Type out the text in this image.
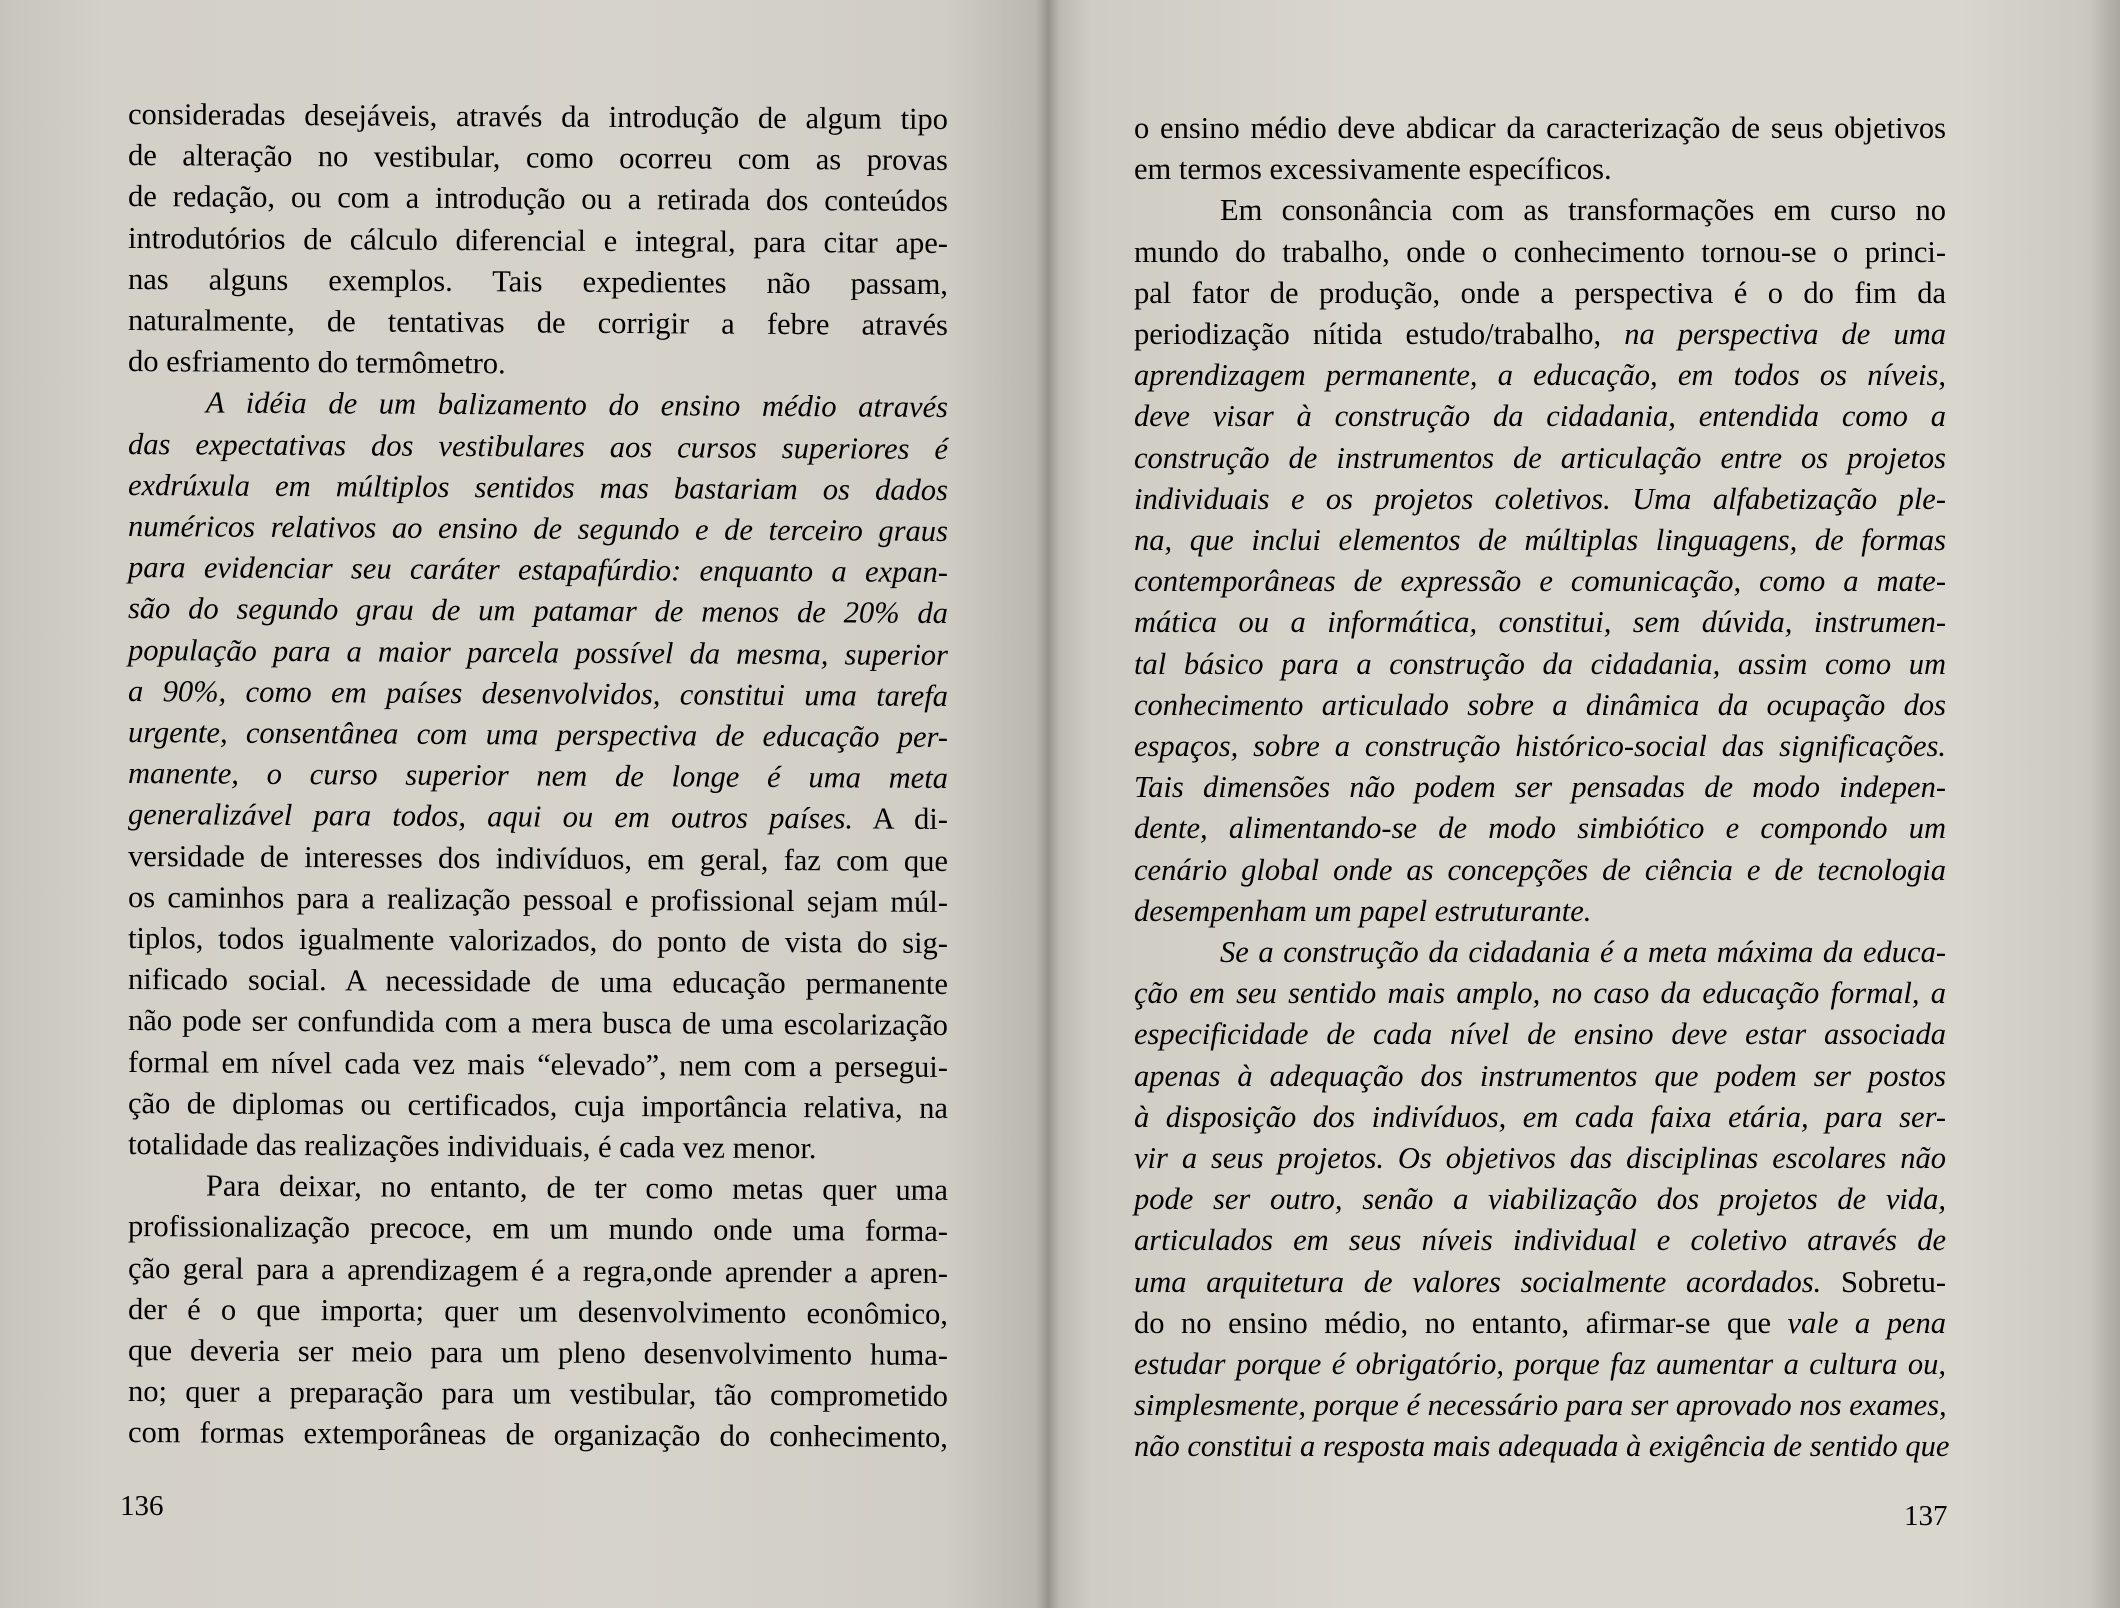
consideradas desejáveis, através da introdução de algum tipo
de alteração no vestibular, como ocorreu com as provas
de redação, ou com a introdução ou a retirada dos conteúdos
introdutórios de cálculo diferencial e integral, para citar ape-
nas alguns exemplos. Tais expedientes não passam,
naturalmente, de tentativas de corrigir a febre através
do esfriamento do termômetro.
A idéia de um balizamento do ensino médio através
das expectativas dos vestibulares aos cursos superiores é
exdrúxula em múltiplos sentidos mas bastariam os dados
numéricos relativos ao ensino de segundo e de terceiro graus
para evidenciar seu caráter estapafúrdio: enquanto a expan-
são do segundo grau de um patamar de menos de 20% da
população para a maior parcela possível da mesma, superior
a 90%, como em países desenvolvidos, constitui uma tarefa
urgente, consentânea com uma perspectiva de educação per-
manente, o curso superior nem de longe é uma meta
generalizável para todos, aqui ou em outros países. A di-
versidade de interesses dos indivíduos, em geral, faz com que
os caminhos para a realização pessoal e profissional sejam múl-
tiplos, todos igualmente valorizados, do ponto de vista do sig-
nificado social. A necessidade de uma educação permanente
não pode ser confundida com a mera busca de uma escolarização
formal em nível cada vez mais “elevado”, nem com a persegui-
ção de diplomas ou certificados, cuja importância relativa, na
totalidade das realizações individuais, é cada vez menor.
Para deixar, no entanto, de ter como metas quer uma
profissionalização precoce, em um mundo onde uma forma-
ção geral para a aprendizagem é a regra,onde aprender a apren-
der é o que importa; quer um desenvolvimento econômico,
que deveria ser meio para um pleno desenvolvimento huma-
no; quer a preparação para um vestibular, tão comprometido
com formas extemporâneas de organização do conhecimento,
o ensino médio deve abdicar da caracterização de seus objetivos
em termos excessivamente específicos.
Em consonância com as transformações em curso no
mundo do trabalho, onde o conhecimento tornou-se o princi-
pal fator de produção, onde a perspectiva é o do fim da
periodização nítida estudo/trabalho, na perspectiva de uma
aprendizagem permanente, a educação, em todos os níveis,
deve visar à construção da cidadania, entendida como a
construção de instrumentos de articulação entre os projetos
individuais e os projetos coletivos. Uma alfabetização ple-
na, que inclui elementos de múltiplas linguagens, de formas
contemporâneas de expressão e comunicação, como a mate-
mática ou a informática, constitui, sem dúvida, instrumen-
tal básico para a construção da cidadania, assim como um
conhecimento articulado sobre a dinâmica da ocupação dos
espaços, sobre a construção histórico-social das significações.
Tais dimensões não podem ser pensadas de modo indepen-
dente, alimentando-se de modo simbiótico e compondo um
cenário global onde as concepções de ciência e de tecnologia
desempenham um papel estruturante.
Se a construção da cidadania é a meta máxima da educa-
ção em seu sentido mais amplo, no caso da educação formal, a
especificidade de cada nível de ensino deve estar associada
apenas à adequação dos instrumentos que podem ser postos
à disposição dos indivíduos, em cada faixa etária, para ser-
vir a seus projetos. Os objetivos das disciplinas escolares não
pode ser outro, senão a viabilização dos projetos de vida,
articulados em seus níveis individual e coletivo através de
uma arquitetura de valores socialmente acordados. Sobretu-
do no ensino médio, no entanto, afirmar-se que vale a pena
estudar porque é obrigatório, porque faz aumentar a cultura ou,
simplesmente, porque é necessário para ser aprovado nos exames,
não constitui a resposta mais adequada à exigência de sentido que
136	137
